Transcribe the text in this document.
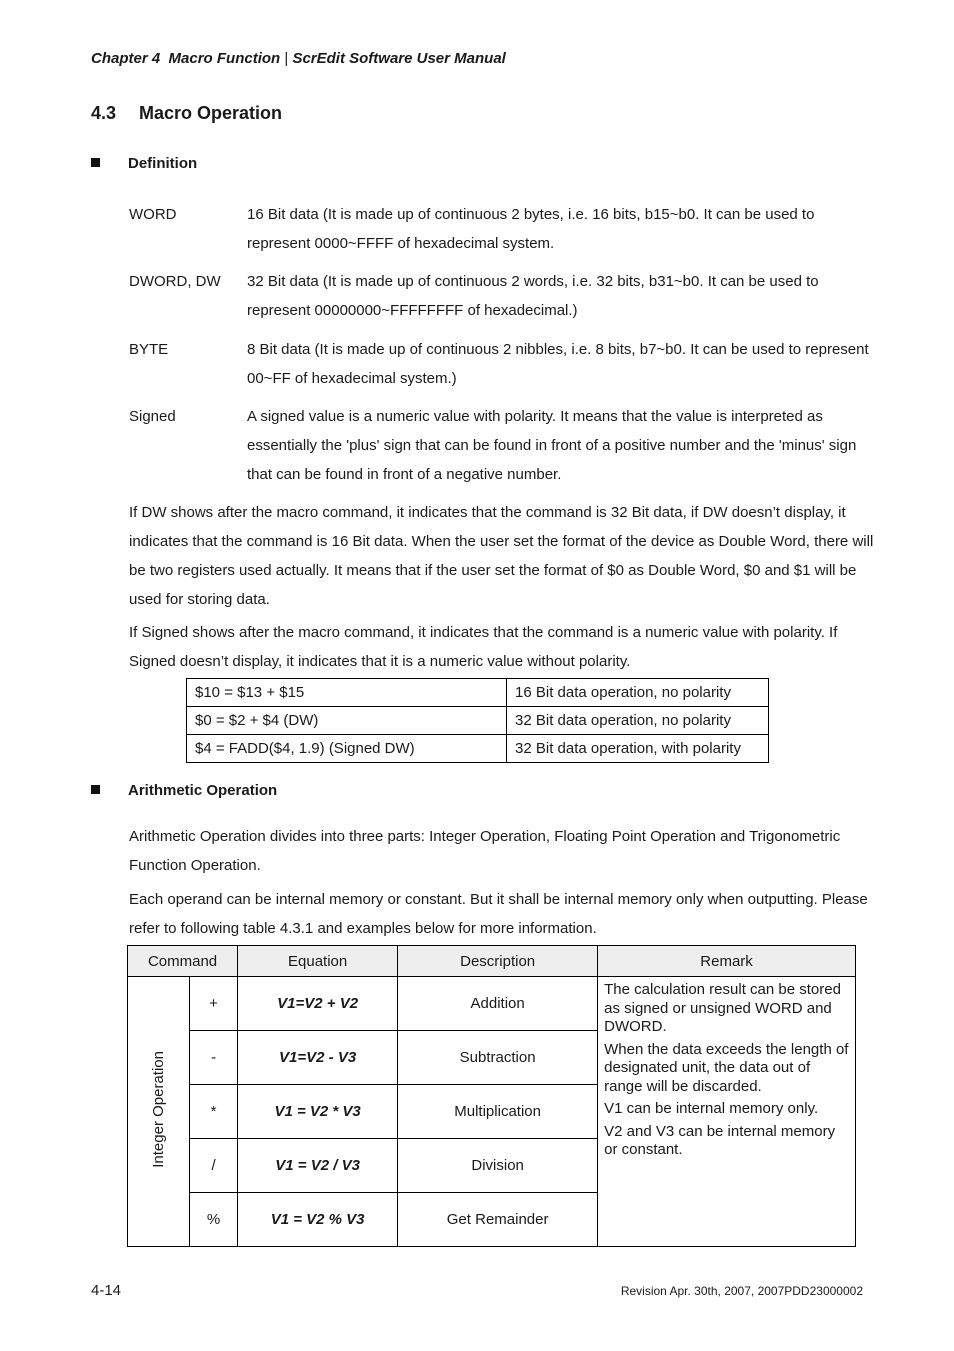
Chapter 4  Macro Function | ScrEdit Software User Manual
4.3 Macro Operation
Definition
WORD	16 Bit data (It is made up of continuous 2 bytes, i.e. 16 bits, b15~b0. It can be used to represent 0000~FFFF of hexadecimal system.
DWORD, DW 32 Bit data (It is made up of continuous 2 words, i.e. 32 bits, b31~b0. It can be used to represent 00000000~FFFFFFFF of hexadecimal.)
BYTE	8 Bit data (It is made up of continuous 2 nibbles, i.e. 8 bits, b7~b0. It can be used to represent 00~FF of hexadecimal system.)
Signed	A signed value is a numeric value with polarity. It means that the value is interpreted as essentially the 'plus' sign that can be found in front of a positive number and the 'minus' sign that can be found in front of a negative number.
If DW shows after the macro command, it indicates that the command is 32 Bit data, if DW doesn’t display, it indicates that the command is 16 Bit data. When the user set the format of the device as Double Word, there will be two registers used actually. It means that if the user set the format of $0 as Double Word, $0 and $1 will be used for storing data.
If Signed shows after the macro command, it indicates that the command is a numeric value with polarity. If Signed doesn’t display, it indicates that it is a numeric value without polarity.
$10 = $13 + $15	16 Bit data operation, no polarity
$0 = $2 + $4 (DW)	32 Bit data operation, no polarity
$4 = FADD($4, 1.9) (Signed DW)	32 Bit data operation, with polarity
Arithmetic Operation
Arithmetic Operation divides into three parts: Integer Operation, Floating Point Operation and Trigonometric Function Operation.
Each operand can be internal memory or constant. But it shall be internal memory only when outputting. Please refer to following table 4.3.1 and examples below for more information.
Command		Equation	Description	Remark
Integer Operation	+	V1=V2 + V2	Addition	The calculation result can be stored as signed or unsigned WORD and DWORD.

When the data exceeds the length of designated unit, the data out of range will be discarded.

V1 can be internal memory only.

V2 and V3 can be internal memory or constant.

	-	V1=V2 - V3	Subtraction	
	*	V1 = V2 * V3	Multiplication	
	/	V1 = V2 / V3	Division	
	%	V1 = V2 % V3	Get Remainder	
4-14	Revision Apr. 30th, 2007, 2007PDD23000002
